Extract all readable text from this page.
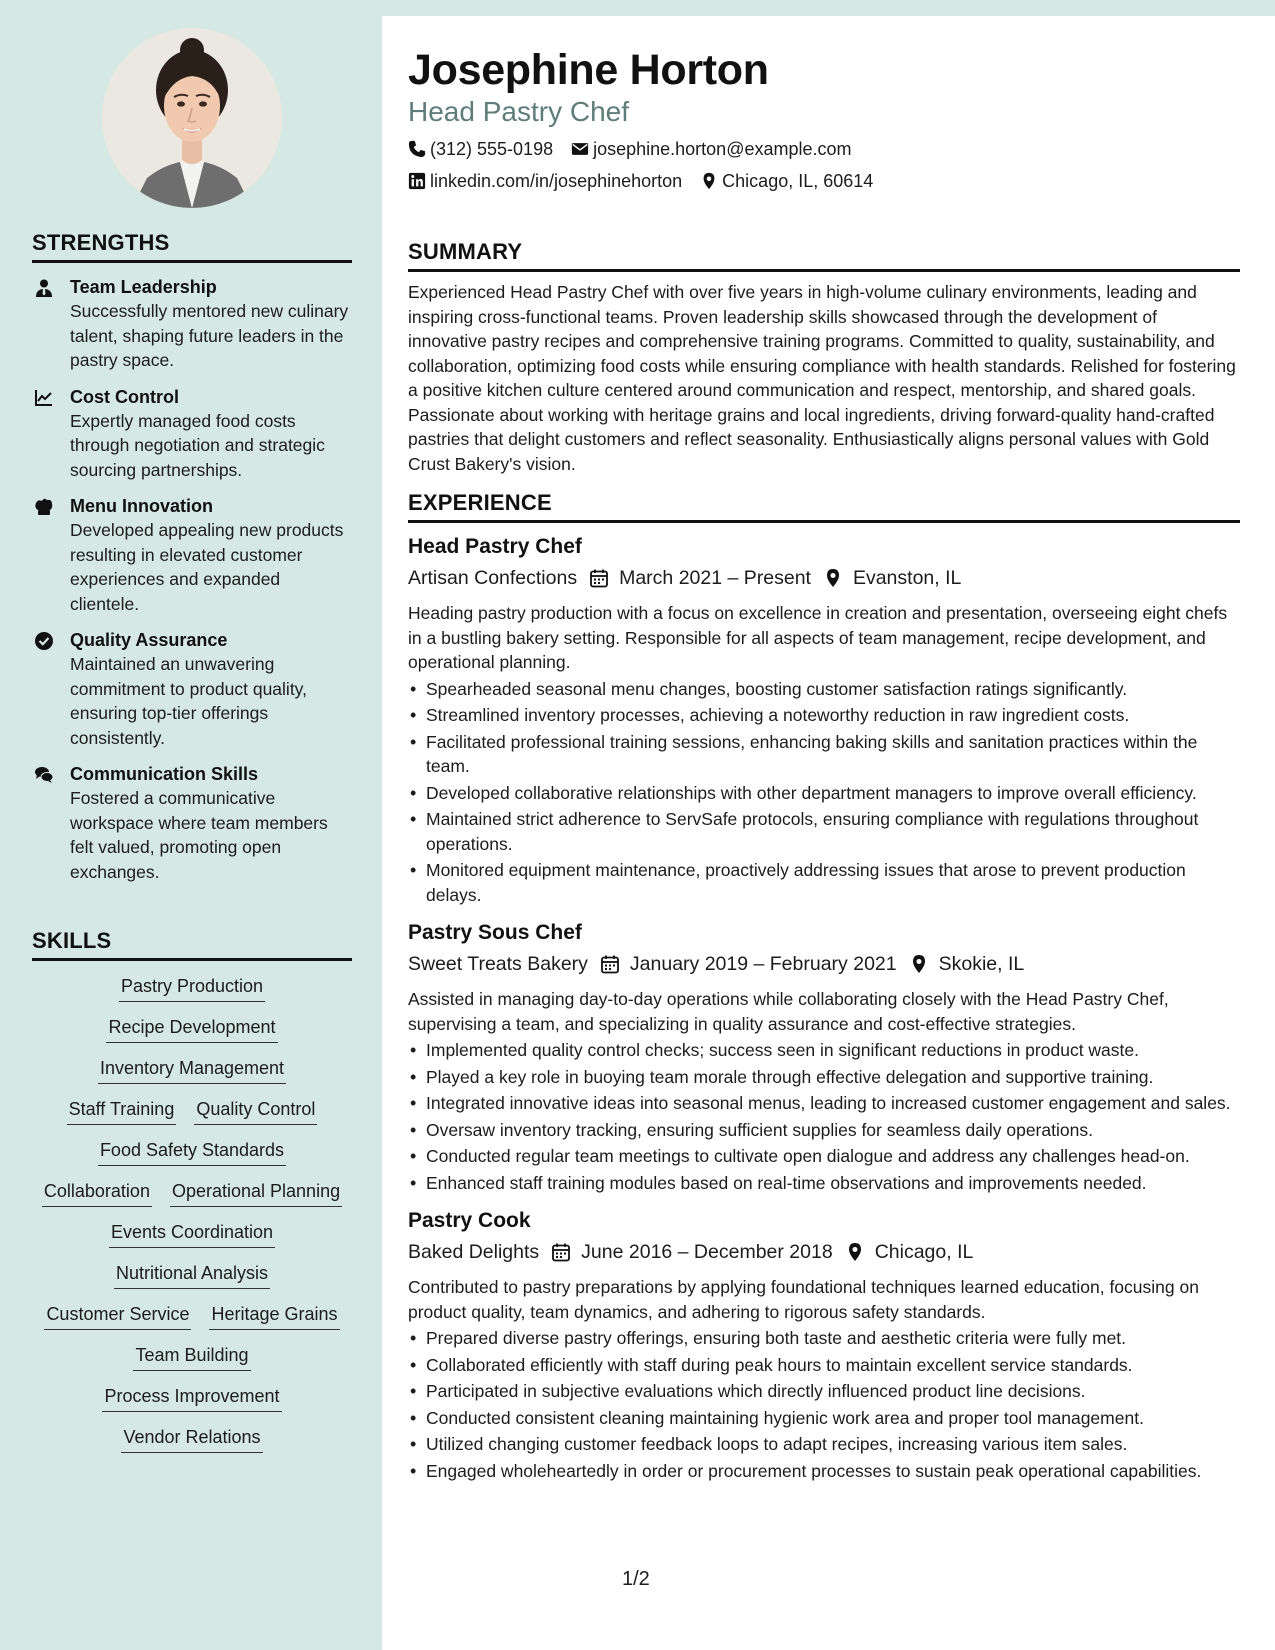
STRENGTHS
Team Leadership
Successfully mentored new culinary talent, shaping future leaders in the pastry space.
Cost Control
Expertly managed food costs through negotiation and strategic sourcing partnerships.
Menu Innovation
Developed appealing new products resulting in elevated customer experiences and expanded clientele.
Quality Assurance
Maintained an unwavering commitment to product quality, ensuring top-tier offerings consistently.
Communication Skills
Fostered a communicative workspace where team members felt valued, promoting open exchanges.
SKILLS
Pastry Production
Recipe Development
Inventory Management
Staff Training Quality Control
Food Safety Standards
Collaboration Operational Planning
Events Coordination
Nutritional Analysis
Customer Service Heritage Grains
Team Building
Process Improvement
Vendor Relations
Josephine Horton
Head Pastry Chef
(312) 555-0198 josephine.horton@example.com
linkedin.com/in/josephinehorton Chicago, IL, 60614
SUMMARY
Experienced Head Pastry Chef with over five years in high-volume culinary environments, leading and inspiring cross-functional teams. Proven leadership skills showcased through the development of innovative pastry recipes and comprehensive training programs. Committed to quality, sustainability, and collaboration, optimizing food costs while ensuring compliance with health standards. Relished for fostering a positive kitchen culture centered around communication and respect, mentorship, and shared goals. Passionate about working with heritage grains and local ingredients, driving forward-quality hand-crafted pastries that delight customers and reflect seasonality. Enthusiastically aligns personal values with Gold Crust Bakery's vision.
EXPERIENCE
Head Pastry Chef
Artisan Confections March 2021 – Present Evanston, IL
Heading pastry production with a focus on excellence in creation and presentation, overseeing eight chefs in a bustling bakery setting. Responsible for all aspects of team management, recipe development, and operational planning.
• Spearheaded seasonal menu changes, boosting customer satisfaction ratings significantly.
• Streamlined inventory processes, achieving a noteworthy reduction in raw ingredient costs.
• Facilitated professional training sessions, enhancing baking skills and sanitation practices within the team.
• Developed collaborative relationships with other department managers to improve overall efficiency.
• Maintained strict adherence to ServSafe protocols, ensuring compliance with regulations throughout operations.
• Monitored equipment maintenance, proactively addressing issues that arose to prevent production delays.
Pastry Sous Chef
Sweet Treats Bakery January 2019 – February 2021 Skokie, IL
Assisted in managing day-to-day operations while collaborating closely with the Head Pastry Chef, supervising a team, and specializing in quality assurance and cost-effective strategies.
• Implemented quality control checks; success seen in significant reductions in product waste.
• Played a key role in buoying team morale through effective delegation and supportive training.
• Integrated innovative ideas into seasonal menus, leading to increased customer engagement and sales.
• Oversaw inventory tracking, ensuring sufficient supplies for seamless daily operations.
• Conducted regular team meetings to cultivate open dialogue and address any challenges head-on.
• Enhanced staff training modules based on real-time observations and improvements needed.
Pastry Cook
Baked Delights June 2016 – December 2018 Chicago, IL
Contributed to pastry preparations by applying foundational techniques learned education, focusing on product quality, team dynamics, and adhering to rigorous safety standards.
• Prepared diverse pastry offerings, ensuring both taste and aesthetic criteria were fully met.
• Collaborated efficiently with staff during peak hours to maintain excellent service standards.
• Participated in subjective evaluations which directly influenced product line decisions.
• Conducted consistent cleaning maintaining hygienic work area and proper tool management.
• Utilized changing customer feedback loops to adapt recipes, increasing various item sales.
• Engaged wholeheartedly in order or procurement processes to sustain peak operational capabilities.
1/2
